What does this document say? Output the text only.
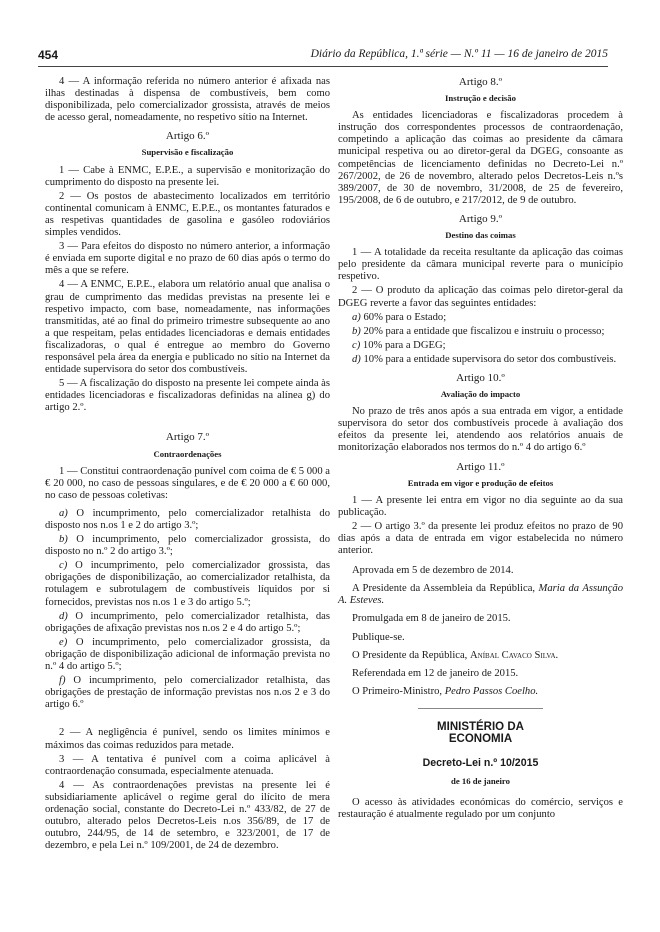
454	Diário da República, 1.ª série — N.º 11 — 16 de janeiro de 2015

4 — A informação referida no número anterior é afixada nas ilhas destinadas à dispensa de combustíveis, bem como disponibilizada, pelo comercializador grossista, através de meios de acesso geral, nomeadamente, no respetivo sítio na Internet.

Artigo 6.º
Supervisão e fiscalização

1 — Cabe à ENMC, E.P.E., a supervisão e monitorização do cumprimento do disposto na presente lei.

2 — Os postos de abastecimento localizados em território continental comunicam à ENMC, E.P.E., os montantes faturados e as respetivas quantidades de gasolina e gasóleo rodoviários simples vendidos.

3 — Para efeitos do disposto no número anterior, a informação é enviada em suporte digital e no prazo de 60 dias após o termo do mês a que se refere.

4 — A ENMC, E.P.E., elabora um relatório anual que analisa o grau de cumprimento das medidas previstas na presente lei e respetivo impacto, com base, nomeadamente, nas informações transmitidas, até ao final do primeiro trimestre subsequente ao ano a que respeitam, pelas entidades licenciadoras e demais entidades fiscalizadoras, o qual é entregue ao membro do Governo responsável pela área da energia e publicado no sítio na Internet da entidade supervisora do setor dos combustíveis.

5 — A fiscalização do disposto na presente lei compete ainda às entidades licenciadoras e fiscalizadoras definidas na alínea g) do artigo 2.º.

Artigo 7.º
Contraordenações

1 — Constitui contraordenação punível com coima de € 5 000 a € 20 000, no caso de pessoas singulares, e de € 20 000 a € 60 000, no caso de pessoas coletivas:

a) O incumprimento, pelo comercializador retalhista do disposto nos n.os 1 e 2 do artigo 3.º;

b) O incumprimento, pelo comercializador grossista, do disposto no n.º 2 do artigo 3.º;

c) O incumprimento, pelo comercializador grossista, das obrigações de disponibilização, ao comercializador retalhista, da rotulagem e subrotulagem de combustíveis líquidos por si fornecidos, previstas nos n.os 1 e 3 do artigo 5.º;

d) O incumprimento, pelo comercializador retalhista, das obrigações de afixação previstas nos n.os 2 e 4 do artigo 5.º;

e) O incumprimento, pelo comercializador grossista, da obrigação de disponibilização adicional de informação prevista no n.º 4 do artigo 5.º;

f) O incumprimento, pelo comercializador retalhista, das obrigações de prestação de informação previstas nos n.os 2 e 3 do artigo 6.º

2 — A negligência é punível, sendo os limites mínimos e máximos das coimas reduzidos para metade.

3 — A tentativa é punível com a coima aplicável à contraordenação consumada, especialmente atenuada.

4 — As contraordenações previstas na presente lei é subsidiariamente aplicável o regime geral do ilícito de mera ordenação social, constante do Decreto-Lei n.º 433/82, de 27 de outubro, alterado pelos Decretos-Leis n.os 356/89, de 17 de outubro, 244/95, de 14 de setembro, e 323/2001, de 17 de dezembro, e pela Lei n.º 109/2001, de 24 de dezembro.

Artigo 8.º
Instrução e decisão

As entidades licenciadoras e fiscalizadoras procedem à instrução dos correspondentes processos de contraordenação, competindo a aplicação das coimas ao presidente da câmara municipal respetiva ou ao diretor-geral da DGEG, consoante as competências de licenciamento definidas no Decreto-Lei n.º 267/2002, de 26 de novembro, alterado pelos Decretos-Leis n.ºs 389/2007, de 30 de novembro, 31/2008, de 25 de fevereiro, 195/2008, de 6 de outubro, e 217/2012, de 9 de outubro.

Artigo 9.º
Destino das coimas

1 — A totalidade da receita resultante da aplicação das coimas pelo presidente da câmara municipal reverte para o município respetivo.

2 — O produto da aplicação das coimas pelo diretor-geral da DGEG reverte a favor das seguintes entidades:

a) 60% para o Estado;

b) 20% para a entidade que fiscalizou e instruiu o processo;

c) 10% para a DGEG;

d) 10% para a entidade supervisora do setor dos combustíveis.

Artigo 10.º
Avaliação do impacto

No prazo de três anos após a sua entrada em vigor, a entidade supervisora do setor dos combustíveis procede à avaliação dos efeitos da presente lei, atendendo aos relatórios anuais de monitorização elaborados nos termos do n.º 4 do artigo 6.º

Artigo 11.º
Entrada em vigor e produção de efeitos

1 — A presente lei entra em vigor no dia seguinte ao da sua publicação.

2 — O artigo 3.º da presente lei produz efeitos no prazo de 90 dias após a data de entrada em vigor estabelecida no número anterior.

Aprovada em 5 de dezembro de 2014.

A Presidente da Assembleia da República, Maria da Assunção A. Esteves.

Promulgada em 8 de janeiro de 2015.

Publique-se.

O Presidente da República, Aníbal Cavaco Silva.

Referendada em 12 de janeiro de 2015.

O Primeiro-Ministro, Pedro Passos Coelho.

MINISTÉRIO DA ECONOMIA
Decreto-Lei n.º 10/2015
de 16 de janeiro

O acesso às atividades económicas do comércio, serviços e restauração é atualmente regulado por um conjunto
